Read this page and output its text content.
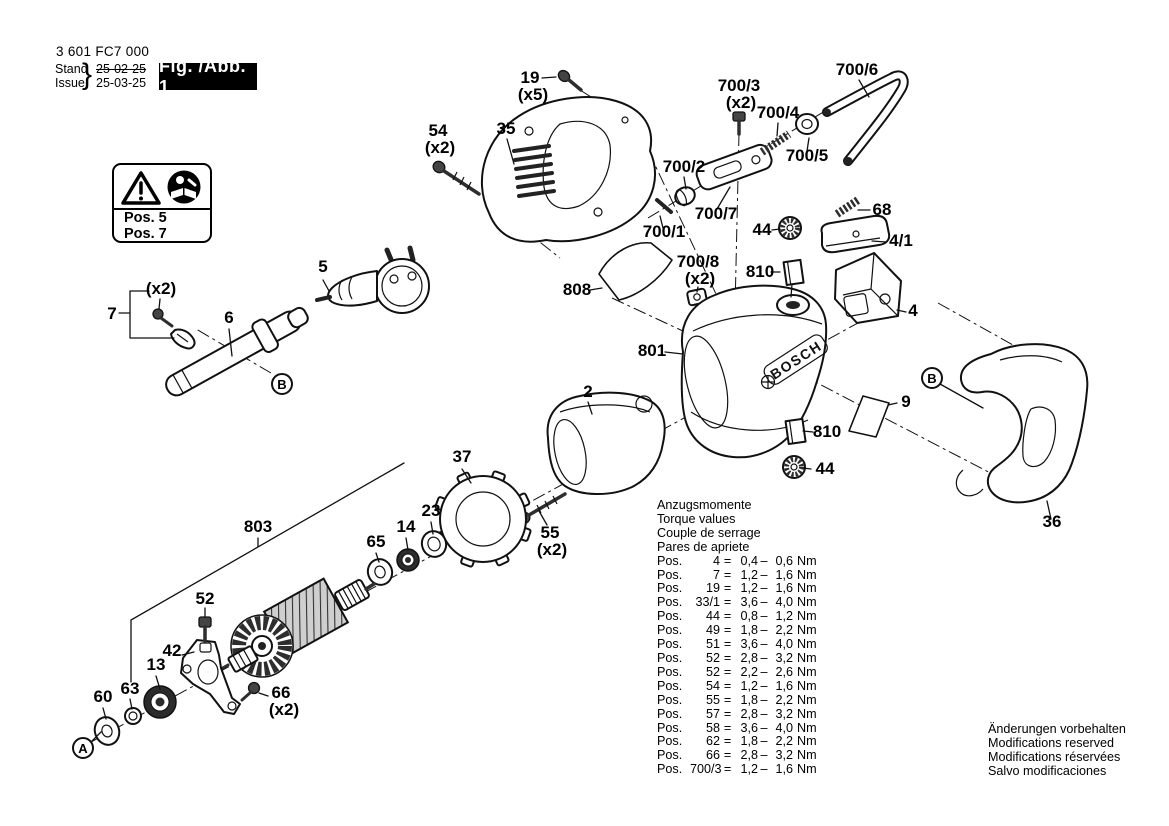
3 601 FC7 000
Stand
Issue
} 25-02-25
25-03-25
Fig. /Abb. 1
Pos. 5
Pos. 7
BOSCH
A
B	B
19
(x5)
35
54
(x2)
700/3
(x2)
700/4
700/5
700/6
700/2
700/7
700/1
68
44
810
4/1
808
700/8
(x2)
4
801
5
7
(x2)
6
2
9
810
44
36
37
23
14
65
803	55
(x2)
52
42
13
63
60	66
(x2)
Anzugsmomente
Torque values
Couple de serrage
Pares de apriete
Pos.	4 = 0,4 – 0,6 Nm
Pos.	7 = 1,2 – 1,6 Nm
Pos.	19 = 1,2 – 1,6 Nm
Pos.	33/1 = 3,6 – 4,0 Nm
Pos.	44 = 0,8 – 1,2 Nm
Pos.	49 = 1,8 – 2,2 Nm
Pos.	51 = 3,6 – 4,0 Nm
Pos.	52 = 2,8 – 3,2 Nm
Pos.	52 = 2,2 – 2,6 Nm
Pos.	54 = 1,2 – 1,6 Nm
Pos.	55 = 1,8 – 2,2 Nm
Pos.	57 = 2,8 – 3,2 Nm
Pos.	58 = 3,6 – 4,0 Nm
Pos.	62 = 1,8 – 2,2 Nm
Pos.	66 = 2,8 – 3,2 Nm
Pos. 700/3 = 1,2 – 1,6 Nm
Änderungen vorbehalten
Modifications reserved
Modifications réservées
Salvo modificaciones
